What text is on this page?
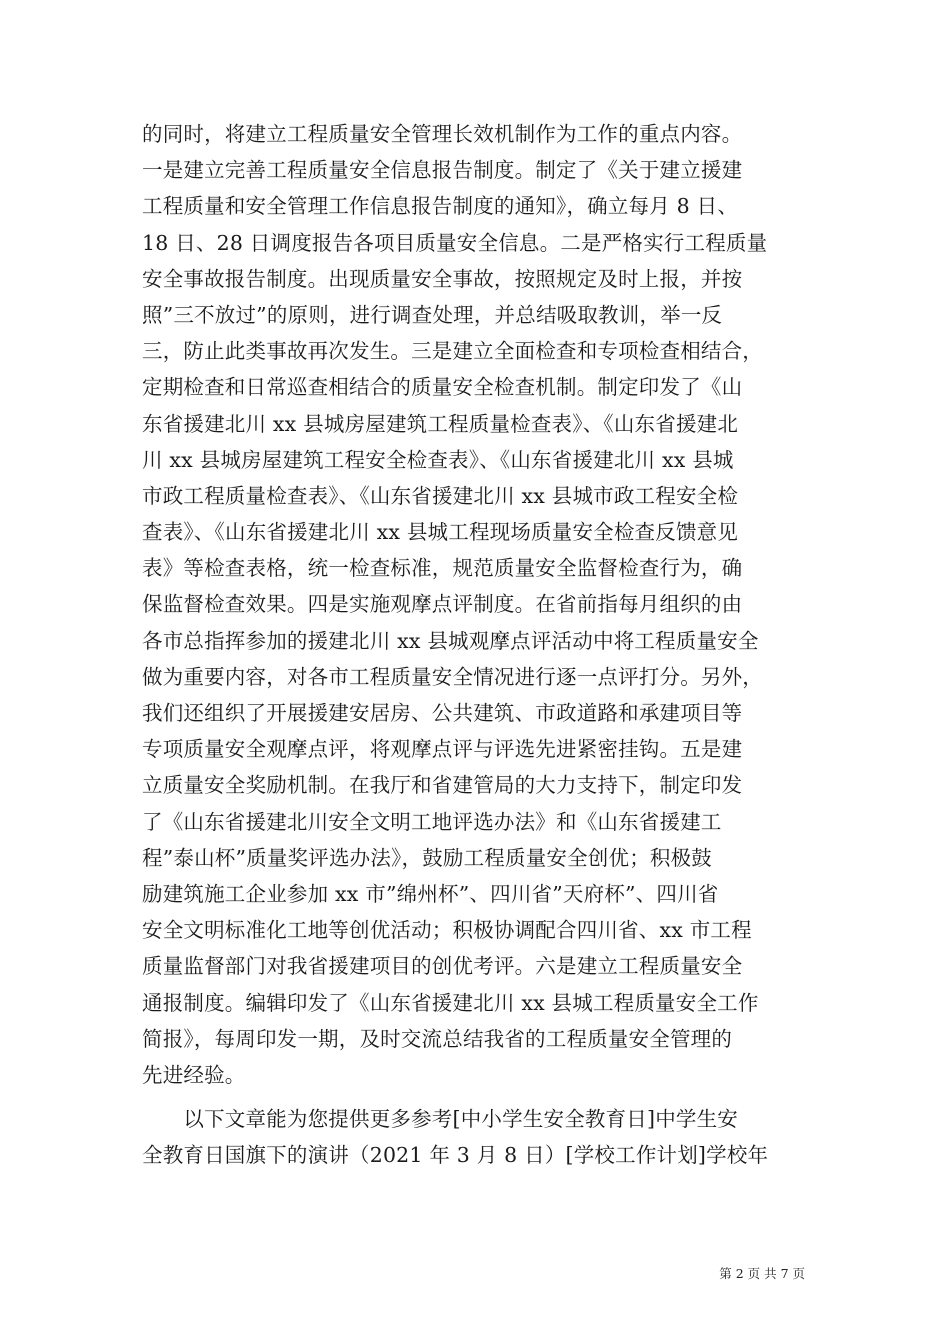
的同时，将建立工程质量安全管理长效机制作为工作的重点内容。
一是建立完善工程质量安全信息报告制度。制定了《关于建立援建
工程质量和安全管理工作信息报告制度的通知》，确立每月 8 日、
18 日、28 日调度报告各项目质量安全信息。二是严格实行工程质量
安全事故报告制度。出现质量安全事故，按照规定及时上报，并按
照”三不放过”的原则，进行调查处理，并总结吸取教训，举一反
三，防止此类事故再次发生。三是建立全面检查和专项检查相结合，
定期检查和日常巡查相结合的质量安全检查机制。制定印发了《山
东省援建北川 xx 县城房屋建筑工程质量检查表》、《山东省援建北
川 xx 县城房屋建筑工程安全检查表》、《山东省援建北川 xx 县城
市政工程质量检查表》、《山东省援建北川 xx 县城市政工程安全检
查表》、《山东省援建北川 xx 县城工程现场质量安全检查反馈意见
表》等检查表格，统一检查标准，规范质量安全监督检查行为，确
保监督检查效果。四是实施观摩点评制度。在省前指每月组织的由
各市总指挥参加的援建北川 xx 县城观摩点评活动中将工程质量安全
做为重要内容，对各市工程质量安全情况进行逐一点评打分。另外，
我们还组织了开展援建安居房、公共建筑、市政道路和承建项目等
专项质量安全观摩点评，将观摩点评与评选先进紧密挂钩。五是建
立质量安全奖励机制。在我厅和省建管局的大力支持下，制定印发
了《山东省援建北川安全文明工地评选办法》和《山东省援建工
程”泰山杯”质量奖评选办法》，鼓励工程质量安全创优；积极鼓
励建筑施工企业参加 xx 市”绵州杯”、四川省”天府杯”、四川省
安全文明标准化工地等创优活动；积极协调配合四川省、xx 市工程
质量监督部门对我省援建项目的创优考评。六是建立工程质量安全
通报制度。编辑印发了《山东省援建北川 xx 县城工程质量安全工作
简报》，每周印发一期，及时交流总结我省的工程质量安全管理的
先进经验。
　　以下文章能为您提供更多参考[中小学生安全教育日]中学生安
全教育日国旗下的演讲（2021 年 3 月 8 日）[学校工作计划]学校年
第 2 页 共 7 页
